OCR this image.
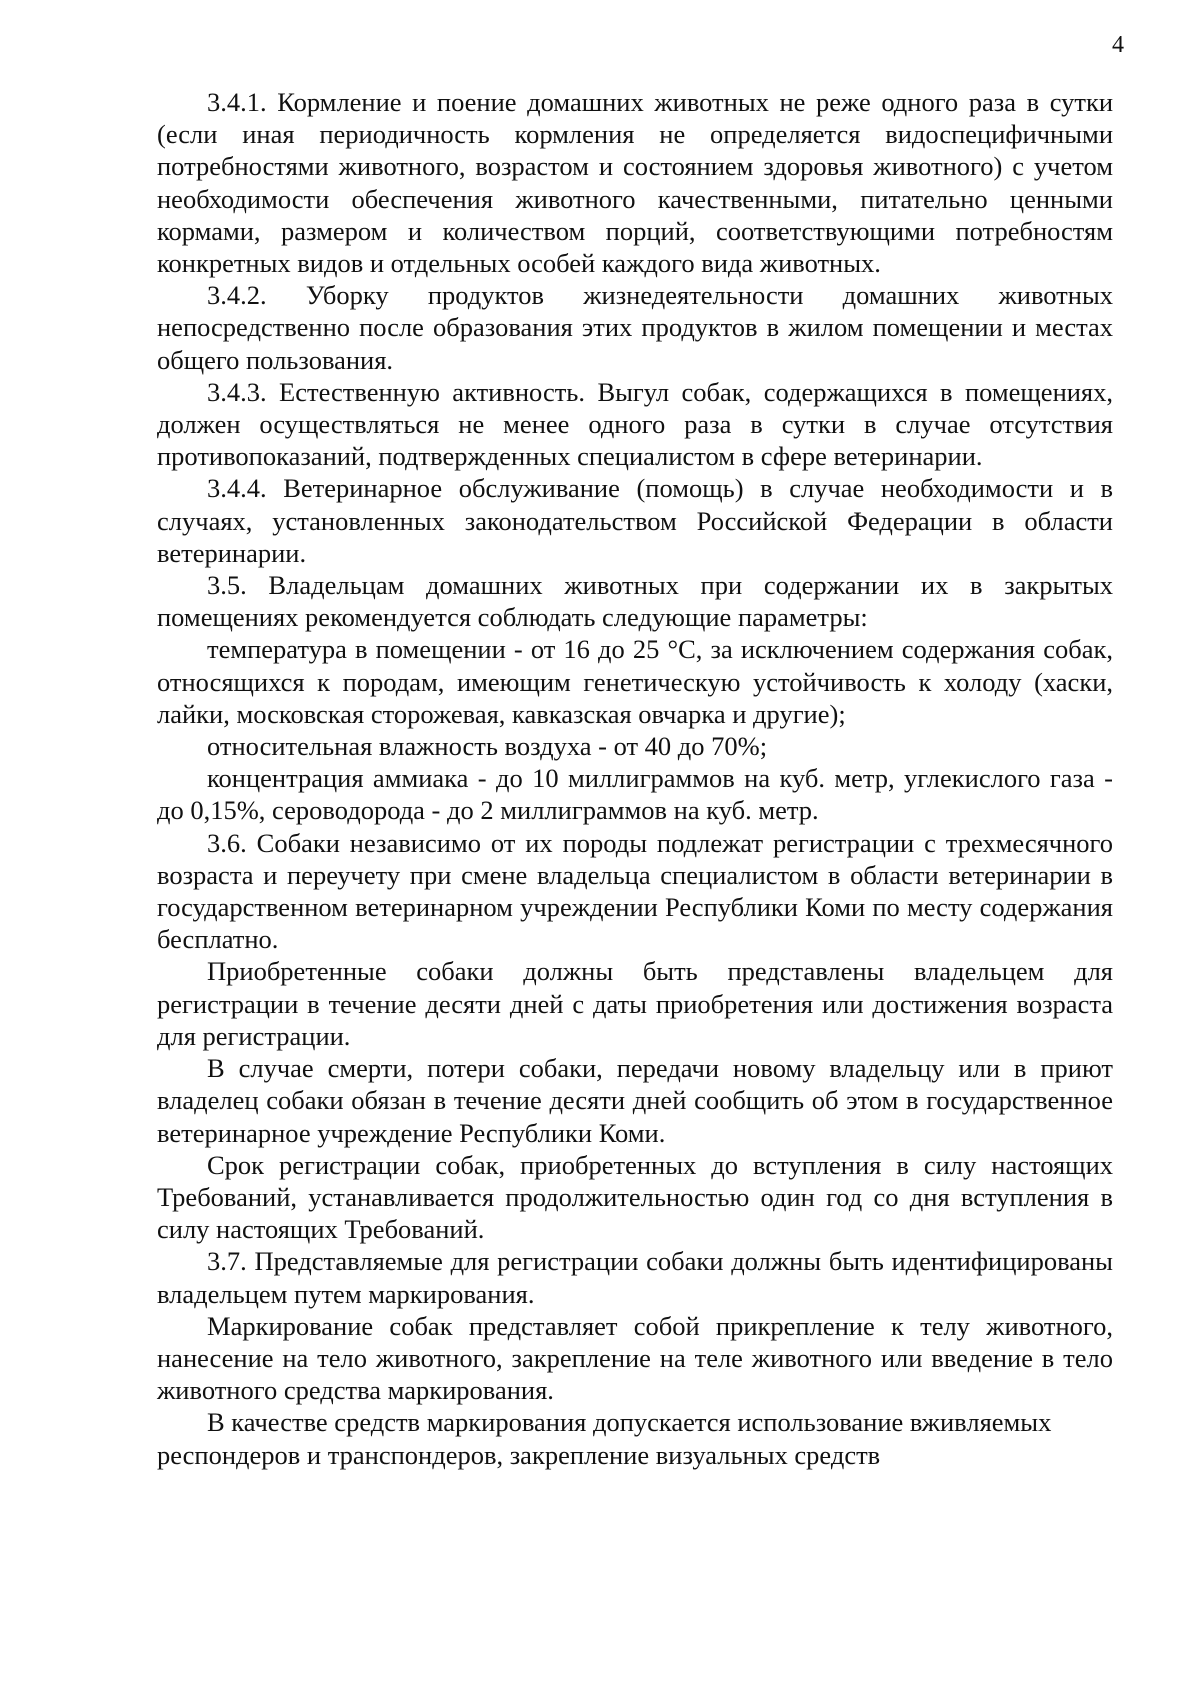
4

3.4.1. Кормление и поение домашних животных не реже одного раза в сутки (если иная периодичность кормления не определяется видоспецифичными потребностями животного, возрастом и состоянием здоровья животного) с учетом необходимости обеспечения животного качественными, питательно ценными кормами, размером и количеством порций, соответствующими потребностям конкретных видов и отдельных особей каждого вида животных.

3.4.2. Уборку продуктов жизнедеятельности домашних животных непосредственно после образования этих продуктов в жилом помещении и местах общего пользования.

3.4.3. Естественную активность. Выгул собак, содержащихся в помещениях, должен осуществляться не менее одного раза в сутки в случае отсутствия противопоказаний, подтвержденных специалистом в сфере ветеринарии.

3.4.4. Ветеринарное обслуживание (помощь) в случае необходимости и в случаях, установленных законодательством Российской Федерации в области ветеринарии.

3.5. Владельцам домашних животных при содержании их в закрытых помещениях рекомендуется соблюдать следующие параметры:

температура в помещении - от 16 до 25 °С, за исключением содержания собак, относящихся к породам, имеющим генетическую устойчивость к холоду (хаски, лайки, московская сторожевая, кавказская овчарка и другие);

относительная влажность воздуха - от 40 до 70%;

концентрация аммиака - до 10 миллиграммов на куб. метр, углекислого газа - до 0,15%, сероводорода - до 2 миллиграммов на куб. метр.

3.6. Собаки независимо от их породы подлежат регистрации с трехмесячного возраста и переучету при смене владельца специалистом в области ветеринарии в государственном ветеринарном учреждении Республики Коми по месту содержания бесплатно.

Приобретенные собаки должны быть представлены владельцем для регистрации в течение десяти дней с даты приобретения или достижения возраста для регистрации.

В случае смерти, потери собаки, передачи новому владельцу или в приют владелец собаки обязан в течение десяти дней сообщить об этом в государственное ветеринарное учреждение Республики Коми.

Срок регистрации собак, приобретенных до вступления в силу настоящих Требований, устанавливается продолжительностью один год со дня вступления в силу настоящих Требований.

3.7. Представляемые для регистрации собаки должны быть идентифицированы владельцем путем маркирования.

Маркирование собак представляет собой прикрепление к телу животного, нанесение на тело животного, закрепление на теле животного или введение в тело животного средства маркирования.

В качестве средств маркирования допускается использование вживляемых респондеров и транспондеров, закрепление визуальных средств
